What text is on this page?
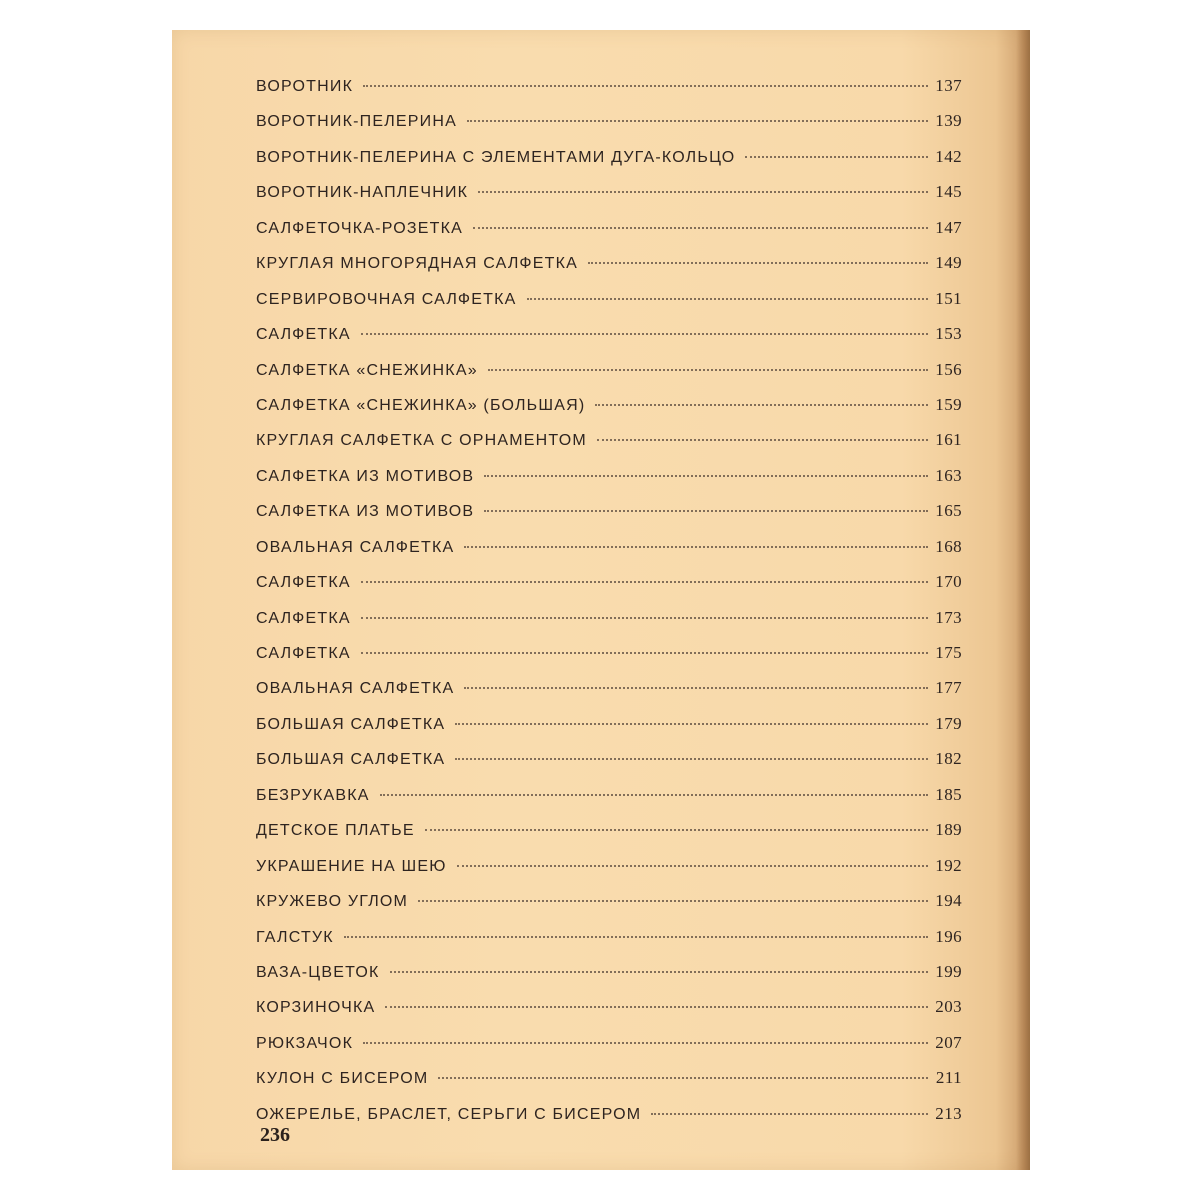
ВОРОТНИК	137
ВОРОТНИК-ПЕЛЕРИНА	139
ВОРОТНИК-ПЕЛЕРИНА С ЭЛЕМЕНТАМИ ДУГА-КОЛЬЦО	142
ВОРОТНИК-НАПЛЕЧНИК	145
САЛФЕТОЧКА-РОЗЕТКА	147
КРУГЛАЯ МНОГОРЯДНАЯ САЛФЕТКА	149
СЕРВИРОВОЧНАЯ САЛФЕТКА	151
САЛФЕТКА	153
САЛФЕТКА «СНЕЖИНКА»	156
САЛФЕТКА «СНЕЖИНКА» (БОЛЬШАЯ)	159
КРУГЛАЯ САЛФЕТКА С ОРНАМЕНТОМ	161
САЛФЕТКА ИЗ МОТИВОВ	163
САЛФЕТКА ИЗ МОТИВОВ	165
ОВАЛЬНАЯ САЛФЕТКА	168
САЛФЕТКА	170
САЛФЕТКА	173
САЛФЕТКА	175
ОВАЛЬНАЯ САЛФЕТКА	177
БОЛЬШАЯ САЛФЕТКА	179
БОЛЬШАЯ САЛФЕТКА	182
БЕЗРУКАВКА	185
ДЕТСКОЕ ПЛАТЬЕ	189
УКРАШЕНИЕ НА ШЕЮ	192
КРУЖЕВО УГЛОМ	194
ГАЛСТУК	196
ВАЗА-ЦВЕТОК	199
КОРЗИНОЧКА	203
РЮКЗАЧОК	207
КУЛОН С БИСЕРОМ	211
ОЖЕРЕЛЬЕ, БРАСЛЕТ, СЕРЬГИ С БИСЕРОМ	213
236
